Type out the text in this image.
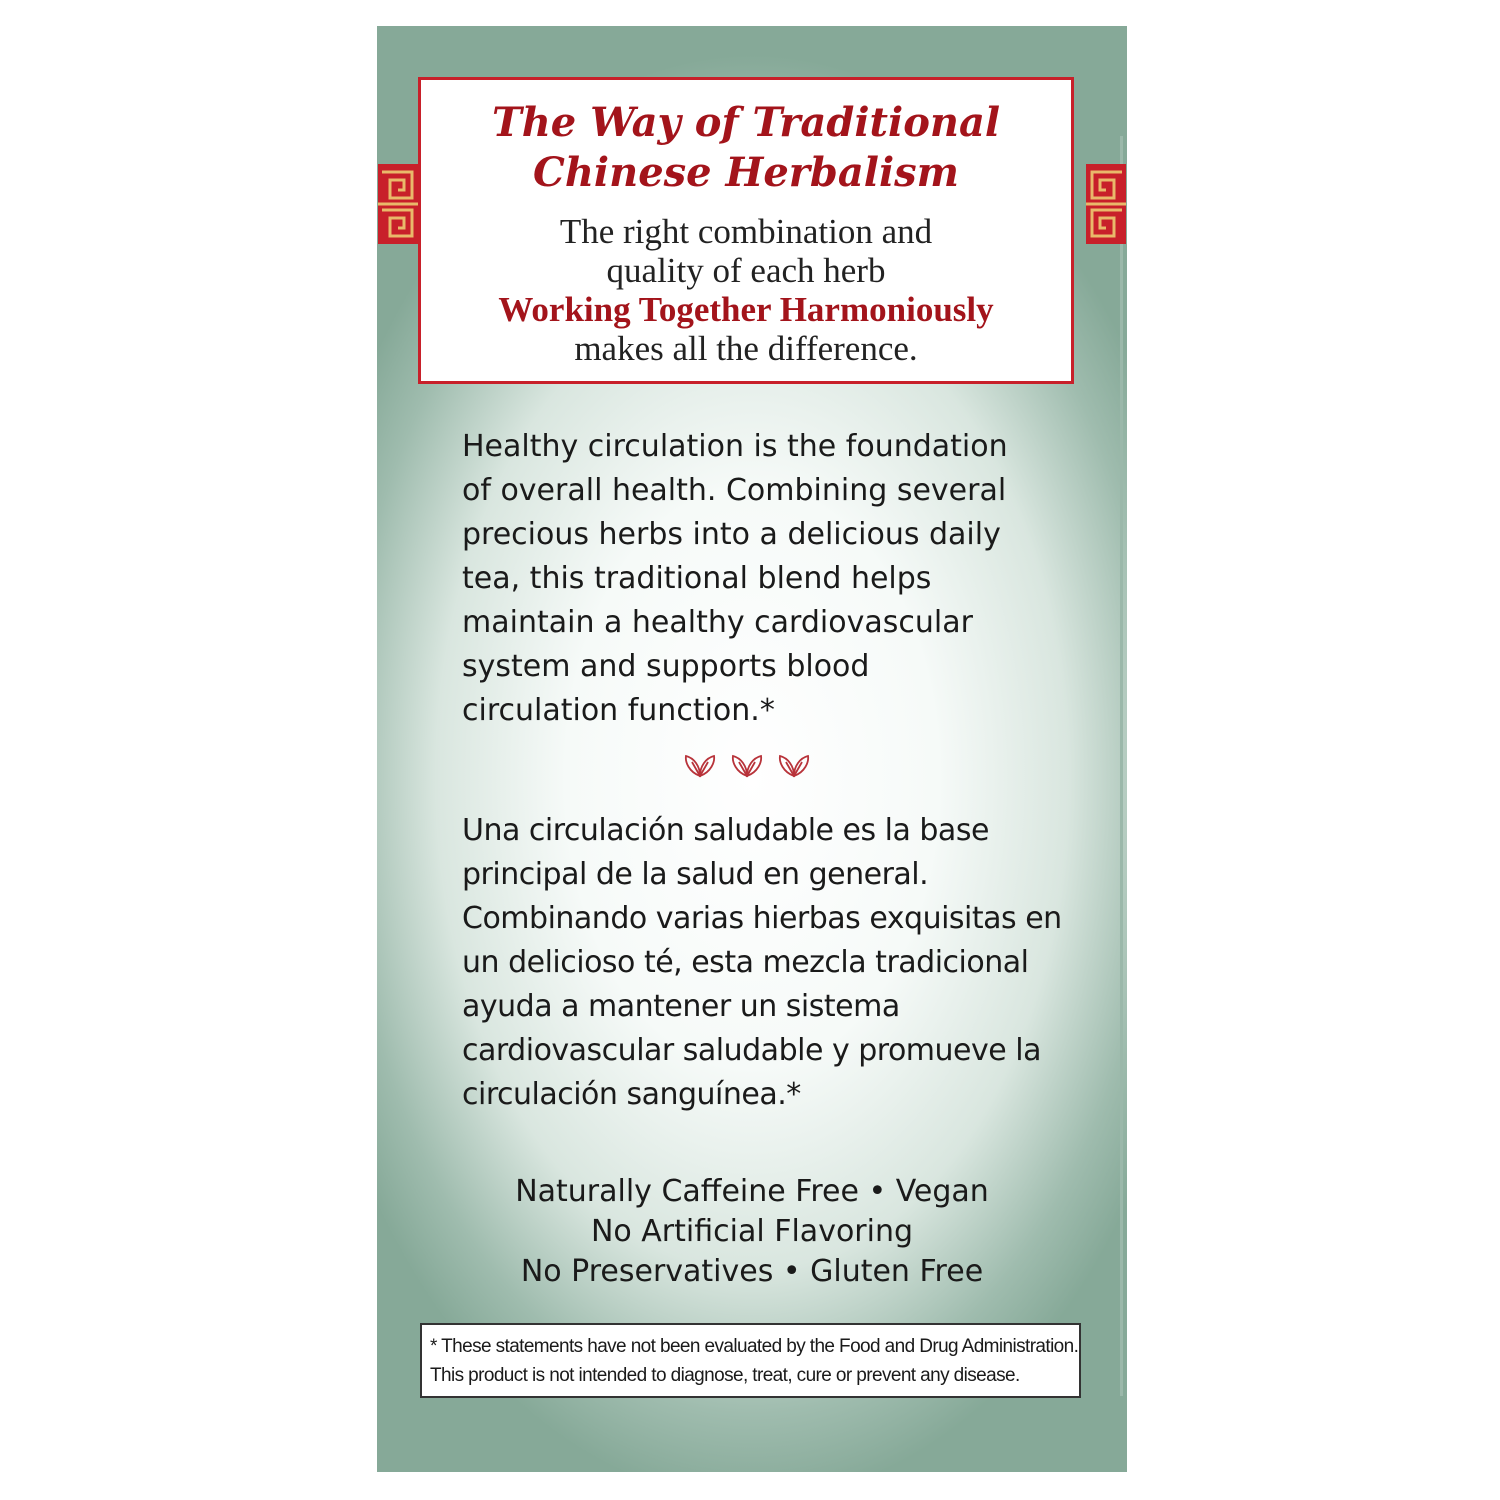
The Way of Traditional
Chinese Herbalism
The right combination and
quality of each herb
Working Together Harmoniously
makes all the difference.
Healthy circulation is the foundation
of overall health. Combining several
precious herbs into a delicious daily
tea, this traditional blend helps
maintain a healthy cardiovascular
system and supports blood
circulation function.*
Una circulación saludable es la base
principal de la salud en general.
Combinando varias hierbas exquisitas en
un delicioso té, esta mezcla tradicional
ayuda a mantener un sistema
cardiovascular saludable y promueve la
circulación sanguínea.*
Naturally Caffeine Free • Vegan
No Artificial Flavoring
No Preservatives • Gluten Free
* These statements have not been evaluated by the Food and Drug Administration.
This product is not intended to diagnose, treat, cure or prevent any disease.
